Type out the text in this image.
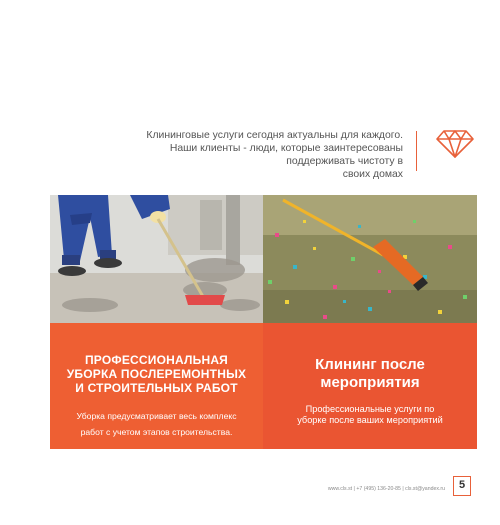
Клининговые услуги сегодня актуальны для каждого.
Наши клиенты - люди, которые заинтересованы поддерживать чистоту в
своих домах
ПРОФЕССИОНАЛЬНАЯ
УБОРКА ПОСЛЕРЕМОНТНЫХ
И СТРОИТЕЛЬНЫХ РАБОТ
Уборка предусматривает весь комплекс
работ с учетом этапов строительства.
Клининг после
мероприятия
Профессиональные услуги по
уборке после ваших мероприятий
www.cls.st | +7 (495) 136-20-85 | cls.st@yandex.ru	5
